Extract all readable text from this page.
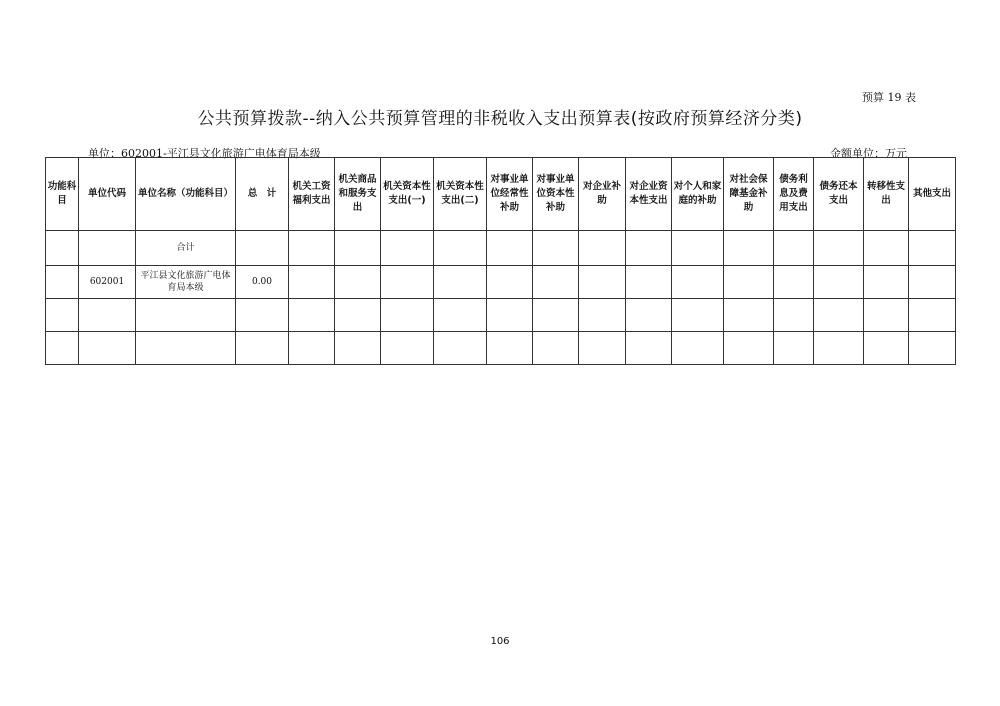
预算 19 表
公共预算拨款--纳入公共预算管理的非税收入支出预算表(按政府预算经济分类)
单位：602001-平江县文化旅游广电体育局本级	金额单位：万元
功能科目	单位代码	单位名称（功能科目）	总　计	机关工资福利支出	机关商品和服务支出	机关资本性支出(一)	机关资本性支出(二)	对事业单位经常性补助	对事业单位资本性补助	对企业补助	对企业资本性支出	对个人和家庭的补助	对社会保障基金补助	债务利息及费用支出	债务还本支出	转移性支出	其他支出
		合计															
	602001	平江县文化旅游广电体育局本级	0.00														

106
